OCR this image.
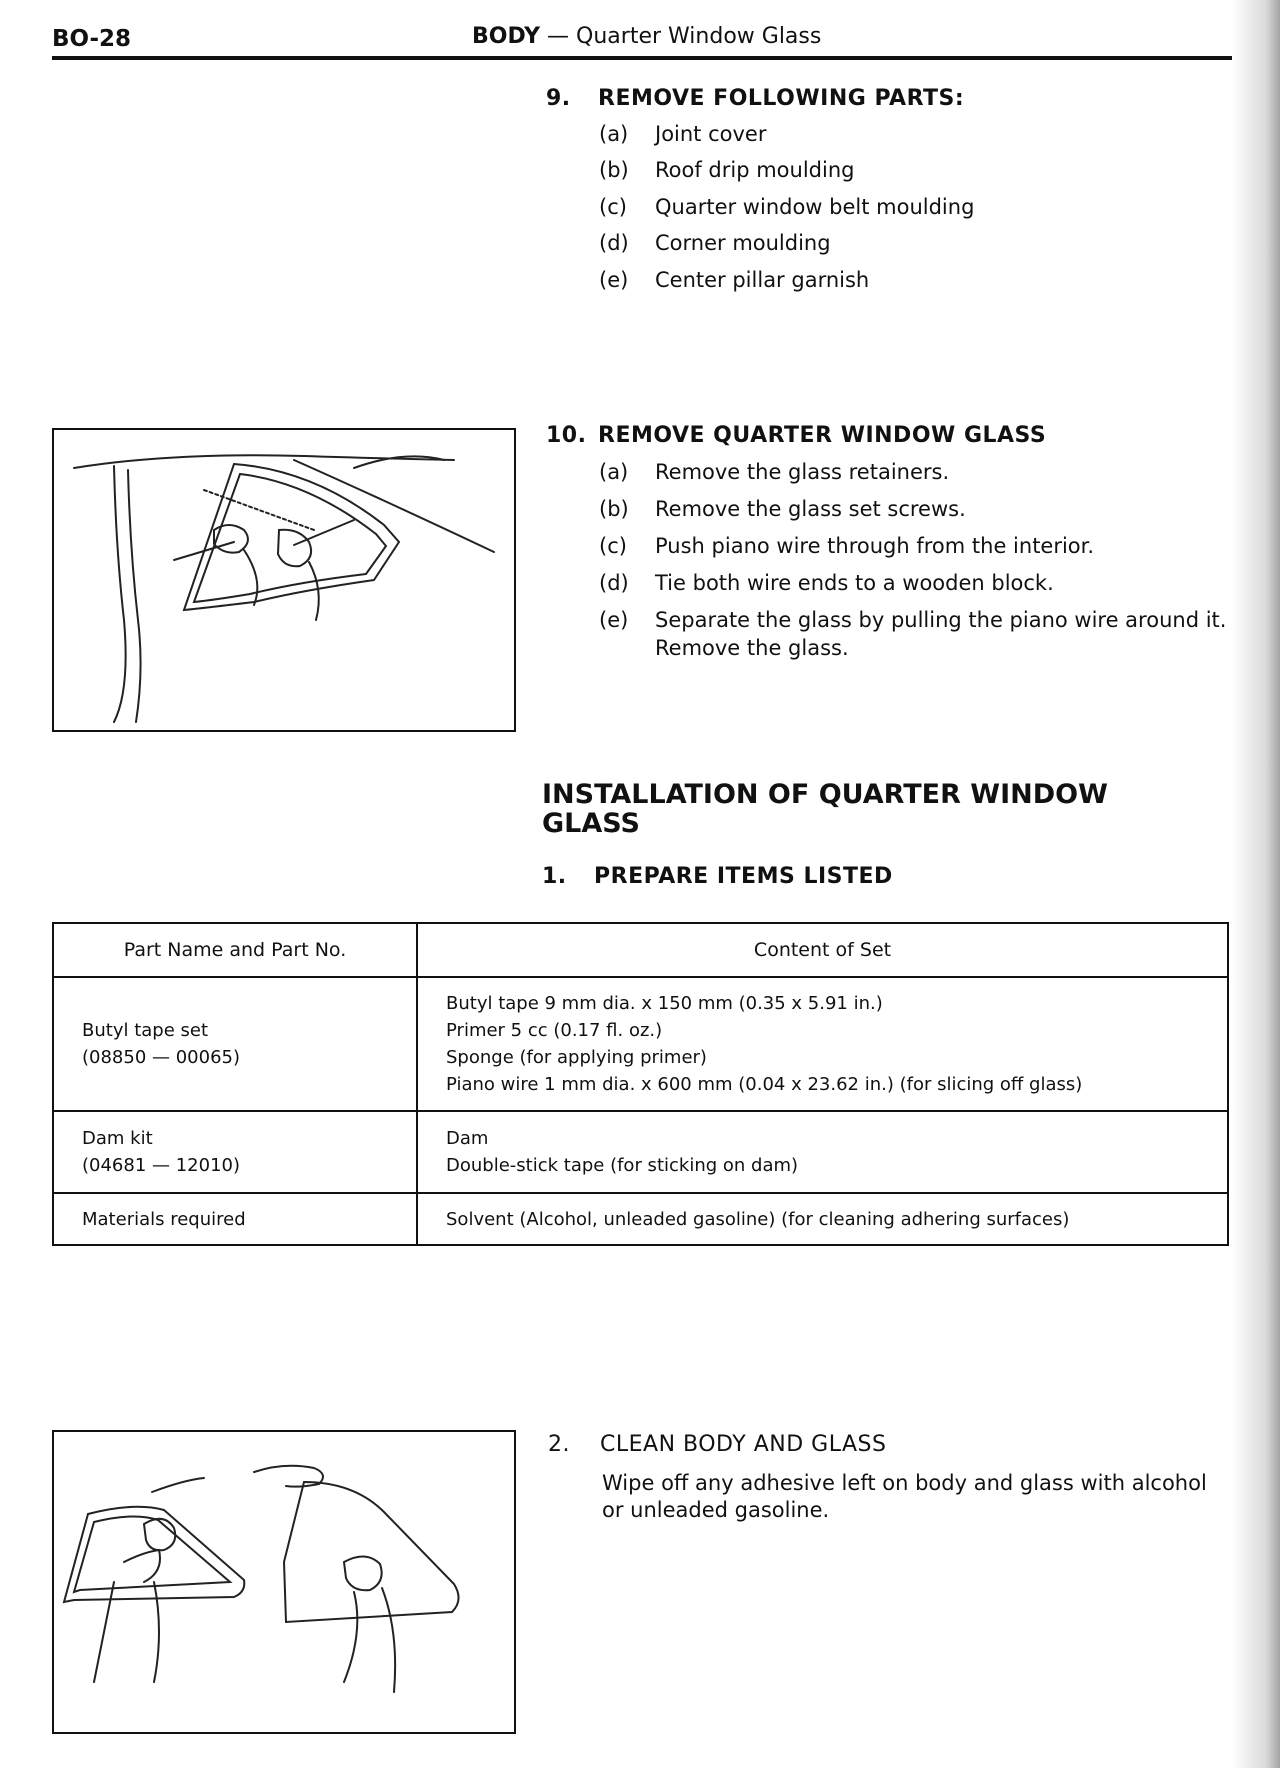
BO-28	BODY — Quarter Window Glass
9. REMOVE FOLLOWING PARTS:
(a) Joint cover
(b) Roof drip moulding
(c) Quarter window belt moulding
(d) Corner moulding
(e) Center pillar garnish
10. REMOVE QUARTER WINDOW GLASS
(a) Remove the glass retainers.
(b) Remove the glass set screws.
(c) Push piano wire through from the interior.
(d) Tie both wire ends to a wooden block.
(e) Separate the glass by pulling the piano wire around it.
Remove the glass.
INSTALLATION OF QUARTER WINDOW
GLASS
1. PREPARE ITEMS LISTED
Part Name and Part No.	Content of Set

Butyl tape set
(08850 — 00065)	Butyl tape 9 mm dia. x 150 mm (0.35 x 5.91 in.)
Primer 5 cc (0.17 fl. oz.)
Sponge (for applying primer)
Piano wire 1 mm dia. x 600 mm (0.04 x 23.62 in.) (for slicing off glass)

Dam kit
(04681 — 12010)	Dam
Double-stick tape (for sticking on dam)

Materials required	Solvent (Alcohol, unleaded gasoline) (for cleaning adhering surfaces)
2. CLEAN BODY AND GLASS
Wipe off any adhesive left on body and glass with alcohol
or unleaded gasoline.
